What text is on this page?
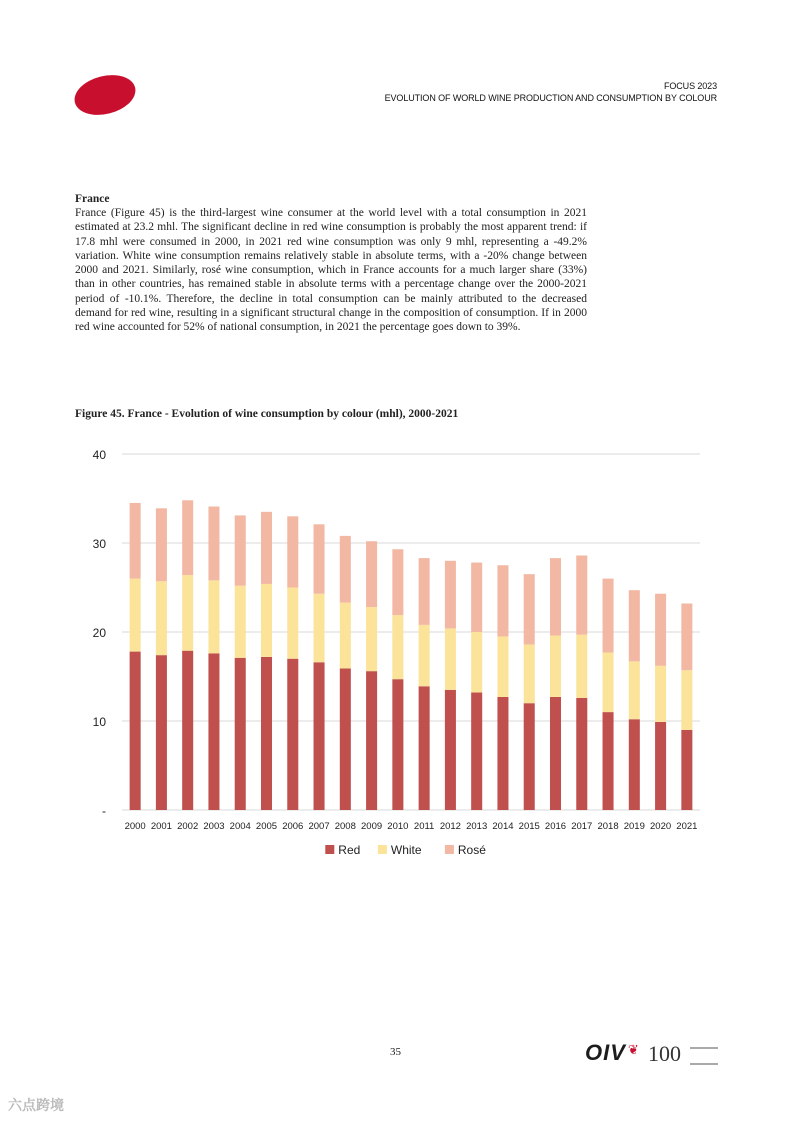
FOCUS 2023
EVOLUTION OF WORLD WINE PRODUCTION AND CONSUMPTION BY COLOUR
France

France (Figure 45) is the third-largest wine consumer at the world level with a total consumption in 2021 estimated at 23.2 mhl. The significant decline in red wine consumption is probably the most apparent trend: if 17.8 mhl were consumed in 2000, in 2021 red wine consumption was only 9 mhl, representing a -49.2% variation. White wine consumption remains relatively stable in absolute terms, with a -20% change between 2000 and 2021. Similarly, rosé wine consumption, which in France accounts for a much larger share (33%) than in other countries, has remained stable in absolute terms with a percentage change over the 2000-2021 period of -10.1%. Therefore, the decline in total consumption can be mainly attributed to the decreased demand for red wine, resulting in a significant structural change in the composition of consumption. If in 2000 red wine accounted for 52% of national consumption, in 2021 the percentage goes down to 39%.

Figure 45. France - Evolution of wine consumption by colour (mhl), 2000-2021
-
10
20
30
40
2000 2001 2002 2003 2004 2005 2006 2007 2008 2009 2010 2011 2012 2013 2014 2015 2016 2017 2018 2019 2020 2021
Red	White	Rosé
35	OIV ❦ 100
六点跨境
